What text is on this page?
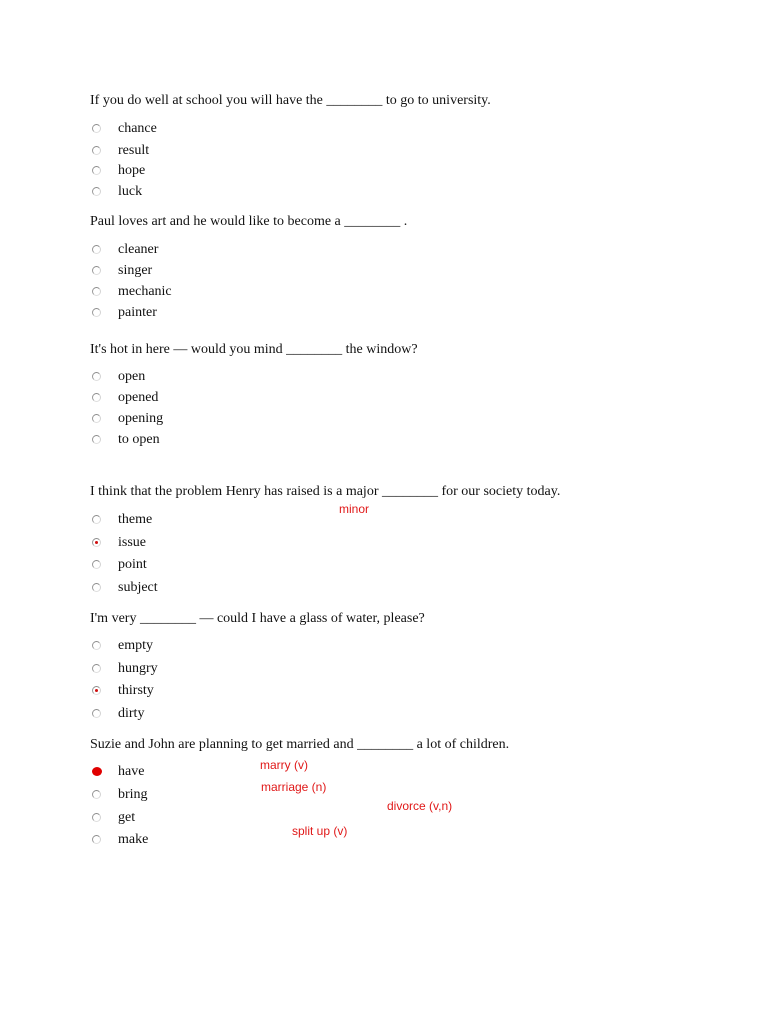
If you do well at school you will have the ________ to go to university.
chance
result
hope
luck
Paul loves art and he would like to become a ________ .
cleaner
singer
mechanic
painter
It's hot in here — would you mind ________ the window?
open
opened
opening
to open
I think that the problem Henry has raised is a major ________ for our society today.
minor
theme
issue
point
subject
I'm very ________ — could I have a glass of water, please?
empty
hungry
thirsty
dirty
Suzie and John are planning to get married and ________ a lot of children.
marry (v)
have
marriage (n)
bring
divorce (v,n)
get
split up (v)
make
